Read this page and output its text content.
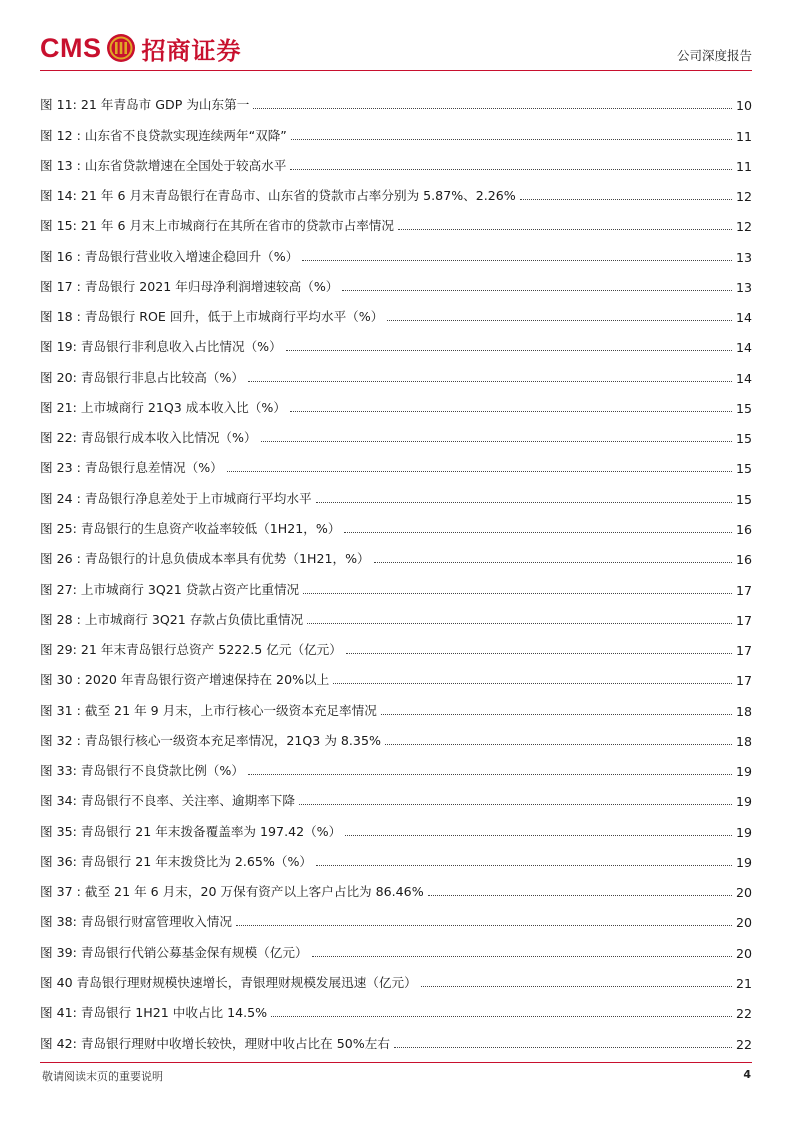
CMS 招商证券	公司深度报告
图 11: 21 年青岛市 GDP 为山东第一	10
图 12 : 山东省不良贷款实现连续两年“双降”	11
图 13 : 山东省贷款增速在全国处于较高水平	11
图 14: 21 年 6 月末青岛银行在青岛市、山东省的贷款市占率分别为 5.87%、2.26%	12
图 15: 21 年 6 月末上市城商行在其所在省市的贷款市占率情况	12
图 16 : 青岛银行营业收入增速企稳回升（%）	13
图 17 : 青岛银行 2021 年归母净利润增速较高（%）	13
图 18 : 青岛银行 ROE 回升，低于上市城商行平均水平（%）	14
图 19: 青岛银行非利息收入占比情况（%）	14
图 20: 青岛银行非息占比较高（%）	14
图 21: 上市城商行 21Q3 成本收入比（%）	15
图 22: 青岛银行成本收入比情况（%）	15
图 23 : 青岛银行息差情况（%）	15
图 24 : 青岛银行净息差处于上市城商行平均水平	15
图 25: 青岛银行的生息资产收益率较低（1H21，%）	16
图 26 : 青岛银行的计息负债成本率具有优势（1H21，%）	16
图 27: 上市城商行 3Q21 贷款占资产比重情况	17
图 28 : 上市城商行 3Q21 存款占负债比重情况	17
图 29: 21 年末青岛银行总资产 5222.5 亿元（亿元）	17
图 30 : 2020 年青岛银行资产增速保持在 20%以上	17
图 31 : 截至 21 年 9 月末，上市行核心一级资本充足率情况	18
图 32 : 青岛银行核心一级资本充足率情况，21Q3 为 8.35%	18
图 33: 青岛银行不良贷款比例（%）	19
图 34: 青岛银行不良率、关注率、逾期率下降	19
图 35: 青岛银行 21 年末拨备覆盖率为 197.42（%）	19
图 36: 青岛银行 21 年末拨贷比为 2.65%（%）	19
图 37 : 截至 21 年 6 月末，20 万保有资产以上客户占比为 86.46%	20
图 38: 青岛银行财富管理收入情况	20
图 39: 青岛银行代销公募基金保有规模（亿元）	20
图 40 青岛银行理财规模快速增长，青银理财规模发展迅速（亿元）	21
图 41: 青岛银行 1H21 中收占比 14.5%	22
图 42: 青岛银行理财中收增长较快，理财中收占比在 50%左右	22
敬请阅读末页的重要说明	4
